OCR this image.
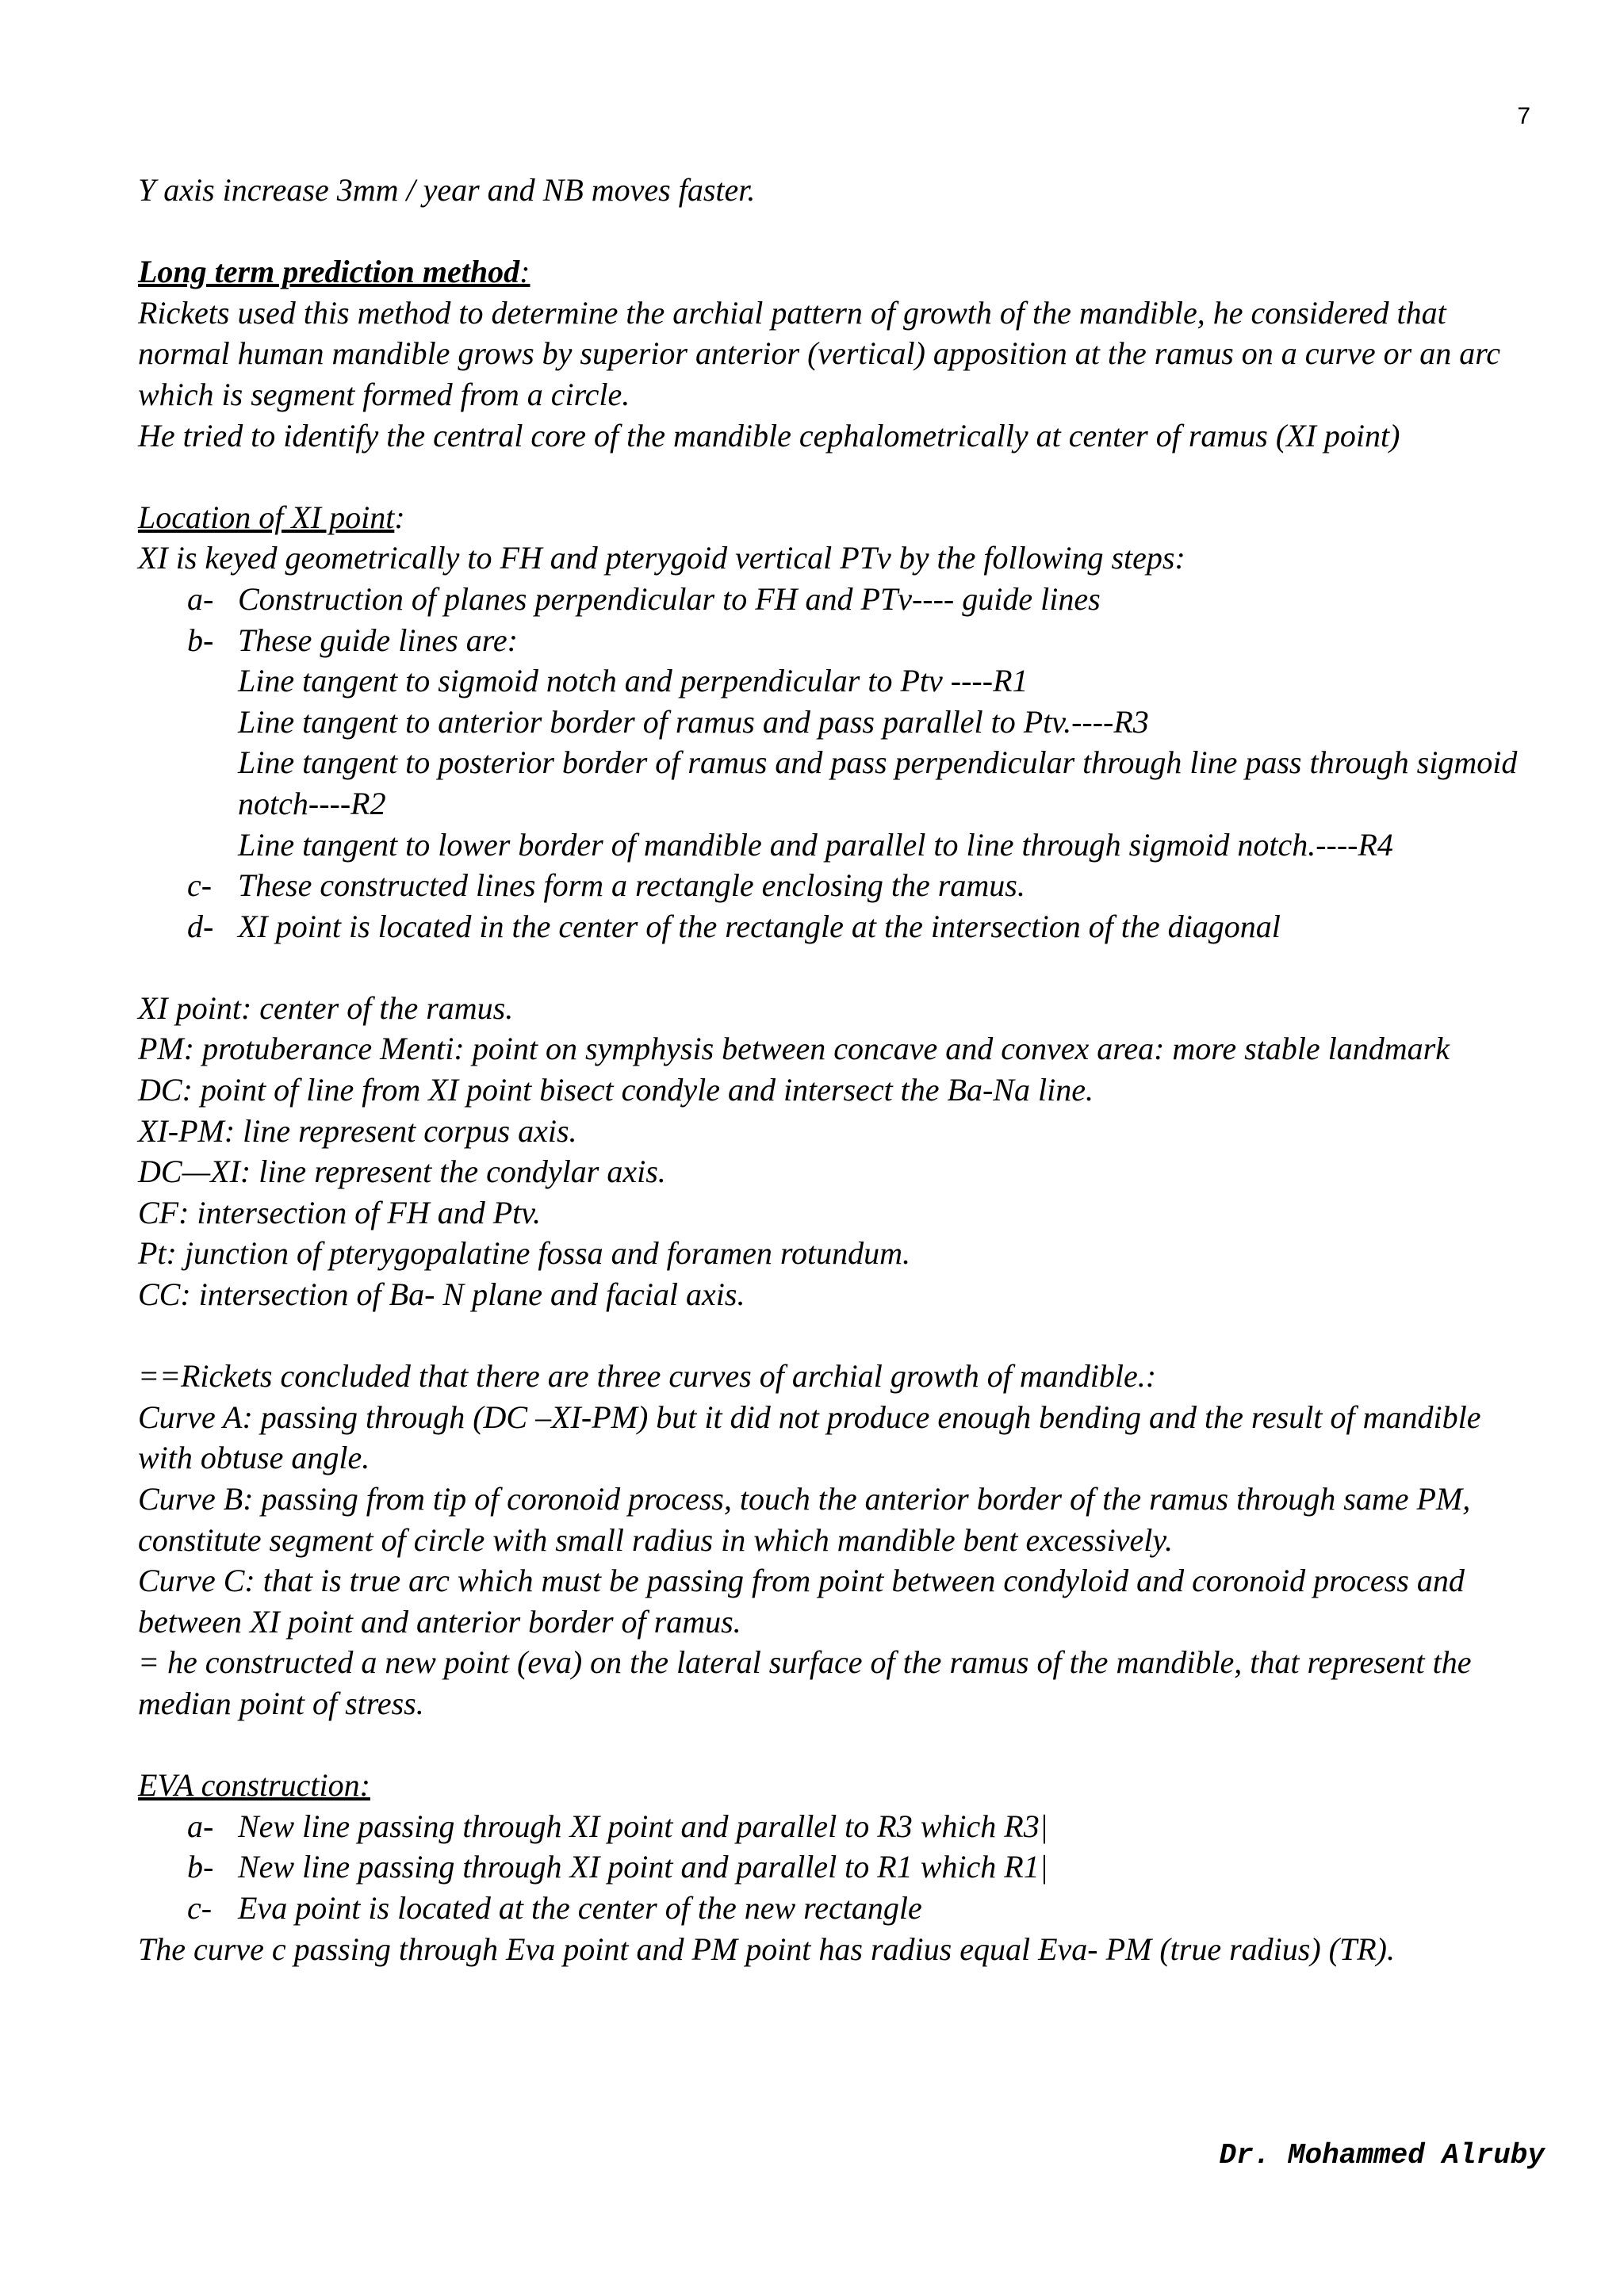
7

Y axis increase 3mm / year and NB moves faster.

Long term prediction method:

Rickets used this method to determine the archial pattern of growth of the mandible, he considered that normal human mandible grows by superior anterior (vertical) apposition at the ramus on a curve or an arc which is segment formed from a circle.

He tried to identify the central core of the mandible cephalometrically at center of ramus (XI point)

Location of XI point:

XI is keyed geometrically to FH and pterygoid vertical PTv by the following steps:

a- Construction of planes perpendicular to FH and PTv---- guide lines
b- These guide lines are:

Line tangent to sigmoid notch and perpendicular to Ptv ----R1

Line tangent to anterior border of ramus and pass parallel to Ptv.----R3

Line tangent to posterior border of ramus and pass perpendicular through line pass through sigmoid notch----R2

Line tangent to lower border of mandible and parallel to line through sigmoid notch.----R4

c- These constructed lines form a rectangle enclosing the ramus.
d- XI point is located in the center of the rectangle at the intersection of the diagonal

XI point: center of the ramus.

PM: protuberance Menti: point on symphysis between concave and convex area: more stable landmark

DC: point of line from XI point bisect condyle and intersect the Ba-Na line.

XI-PM: line represent corpus axis.

DC—XI: line represent the condylar axis.

CF: intersection of FH and Ptv.

Pt: junction of pterygopalatine fossa and foramen rotundum.

CC: intersection of Ba- N plane and facial axis.

==Rickets concluded that there are three curves of archial growth of mandible.:

Curve A: passing through (DC –XI-PM) but it did not produce enough bending and the result of mandible with obtuse angle.

Curve B: passing from tip of coronoid process, touch the anterior border of the ramus through same PM, constitute segment of circle with small radius in which mandible bent excessively.

Curve C: that is true arc which must be passing from point between condyloid and coronoid process and between XI point and anterior border of ramus.

= he constructed a new point (eva) on the lateral surface of the ramus of the mandible, that represent the median point of stress.

EVA construction:

a- New line passing through XI point and parallel to R3 which R3|
b- New line passing through XI point and parallel to R1 which R1|
c- Eva point is located at the center of the new rectangle

The curve c passing through Eva point and PM point has radius equal Eva- PM (true radius) (TR).

Dr. Mohammed Alruby
